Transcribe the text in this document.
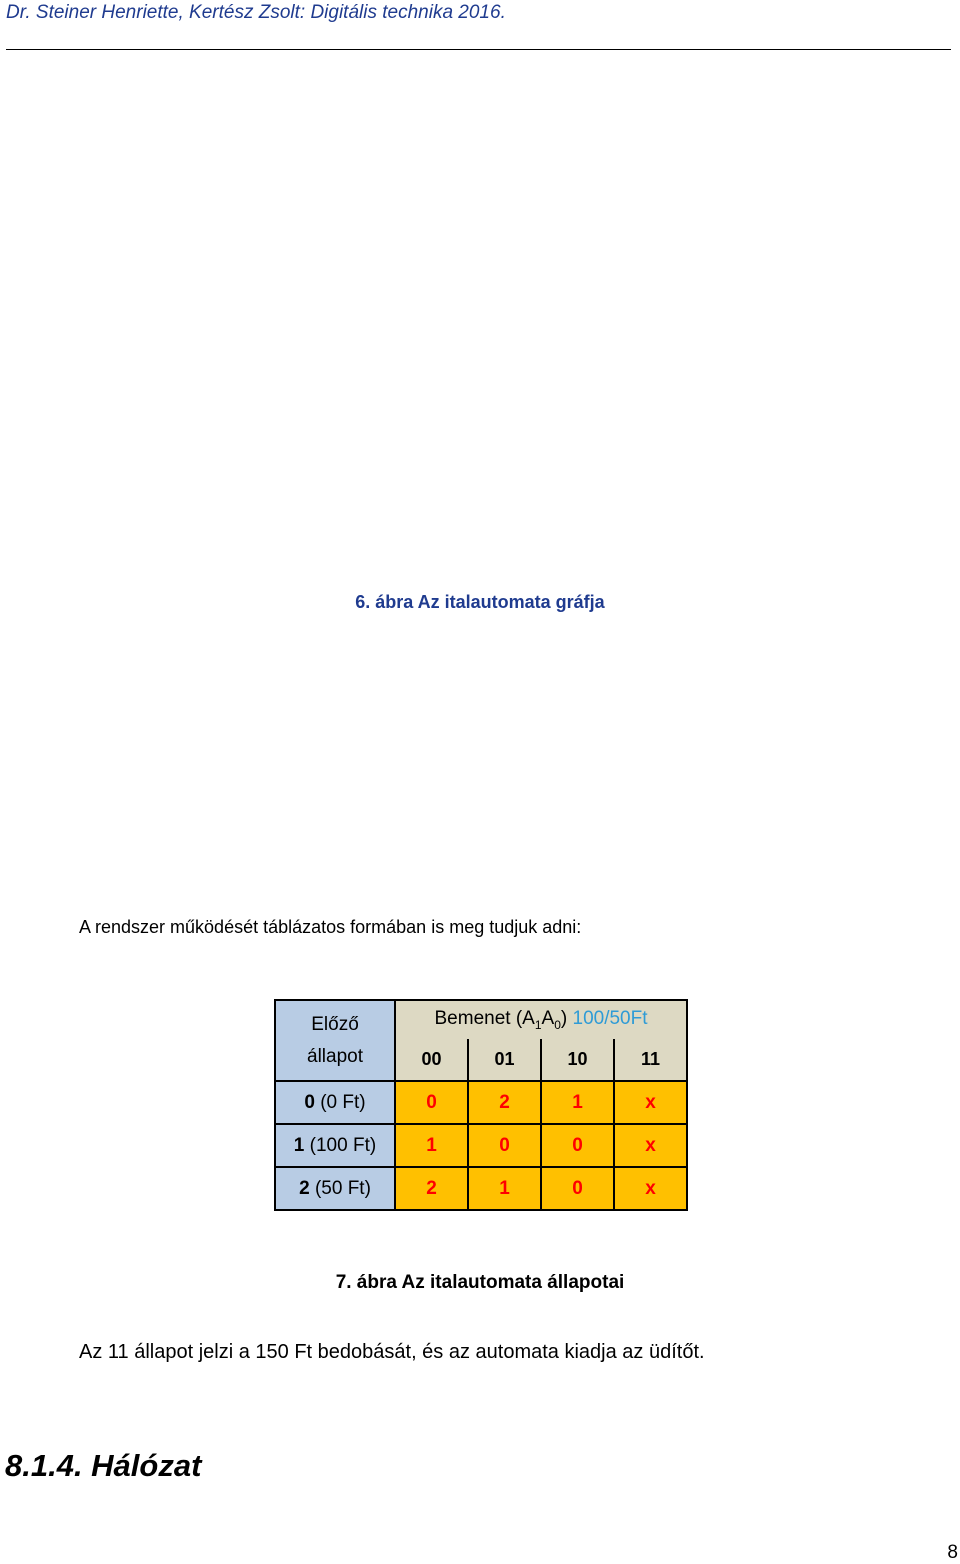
Dr. Steiner Henriette, Kertész Zsolt: Digitális technika 2016.
6. ábra Az italautomata gráfja
A rendszer működését táblázatos formában is meg tudjuk adni:
Előző
állapot	Bemenet $(A_1A_0)$ 100/50Ft			
	00	01	10	11
0 (0 Ft)	0	2	1	x
1 (100 Ft)	1	0	0	x
2 (50 Ft)	2	1	0	x
7. ábra Az italautomata állapotai
Az 11 állapot jelzi a 150 Ft bedobását, és az automata kiadja az üdítőt.
8.1.4. Hálózat
8
